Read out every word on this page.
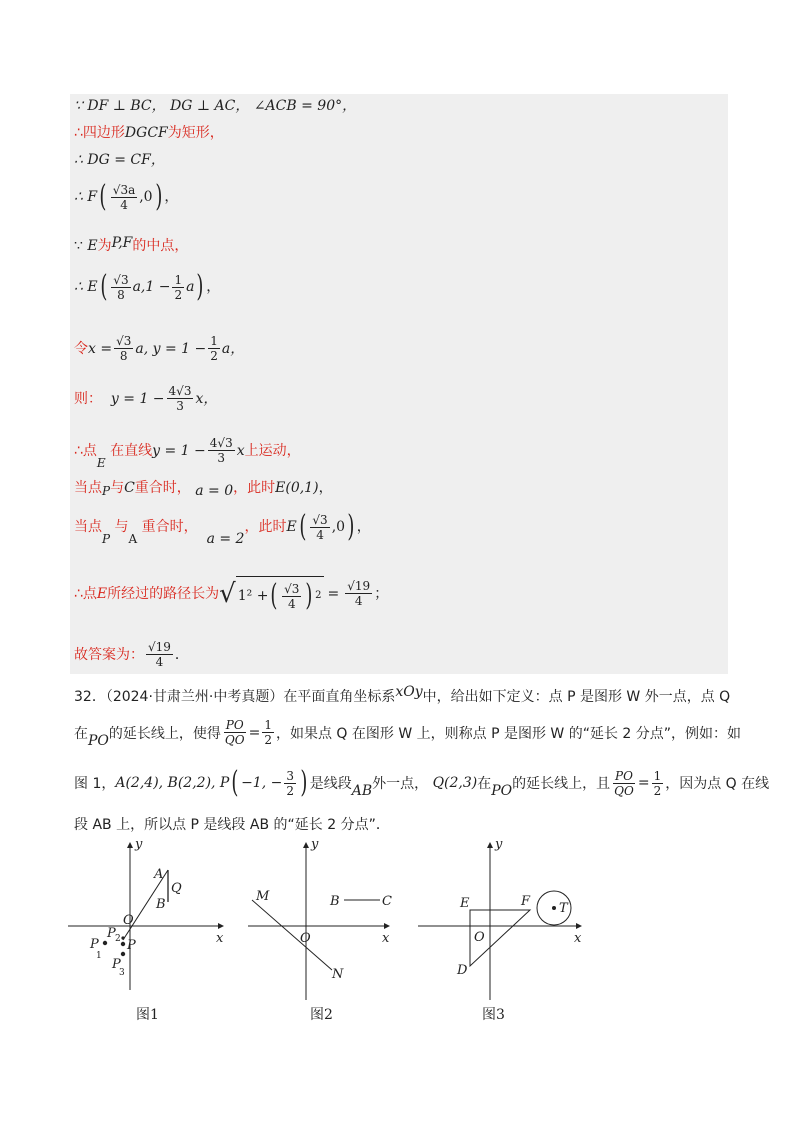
∵ DF ⊥ BC， DG ⊥ AC， ∠ACB = 90°，
∴ 四边形 DGCF 为矩形，
∴ DG = CF，
∴ F ( $\frac{√3a}{4} ,0$ ) ，
∵
E 为 P,F 的中点，
∴ E ( $\frac{√3}{8} a,1 - \frac{1}{2}$ a ) ，
令 $x = \frac{√3}{8} a$, $y = 1 - \frac{1}{2}$ a，
则：
$y = 1 - \frac{4√3}{3}$ x，
∴点
E

在直线 $y = 1 - \frac{4√3}{3}$ x 上运动，
当点 P 与 C 重合时，
a = 0 ，此时 E(0,1) ，
当点
P

与
A

重合时，

a = 2
，此时 E ( $\frac{√3}{4} ,0$ ) ，
∴点 E 所经过的路径长为 √ 1² + ( $\frac{√3}{4}$ ) $2 = \frac{√19}{4}$ ；
故答案为： $\frac{√19}{4}$ ．
32．（2024·甘肃兰州·中考真题）在平面直角坐标系 xOy 中，给出如下定义：点 P 是图形 W 外一点，点 Q
在 PO 的延长线上，使得 $\frac{PO}{QO} = \frac{1}{2}$ ，如果点 Q 在图形 W 上，则称点 P 是图形 W 的“延长 2 分点”，例如：如
图 1， A(2,4), B(2,2), P ( −1, − $\frac{3}{2}$ ) 是线段 AB 外一点，
Q(2,3) 在 PO 的延长线上，且 $\frac{PO}{QO} = \frac{1}{2}$ ，因为点 Q 在线
段 AB 上，所以点 P 是线段 AB 的“延长 2 分点”．
y
x
O
A
B
Q
P
P
1
P 2
P
3
图1
y
x
O
M
N
B	C
图2
y
x
O
E	F
D
T
图3
